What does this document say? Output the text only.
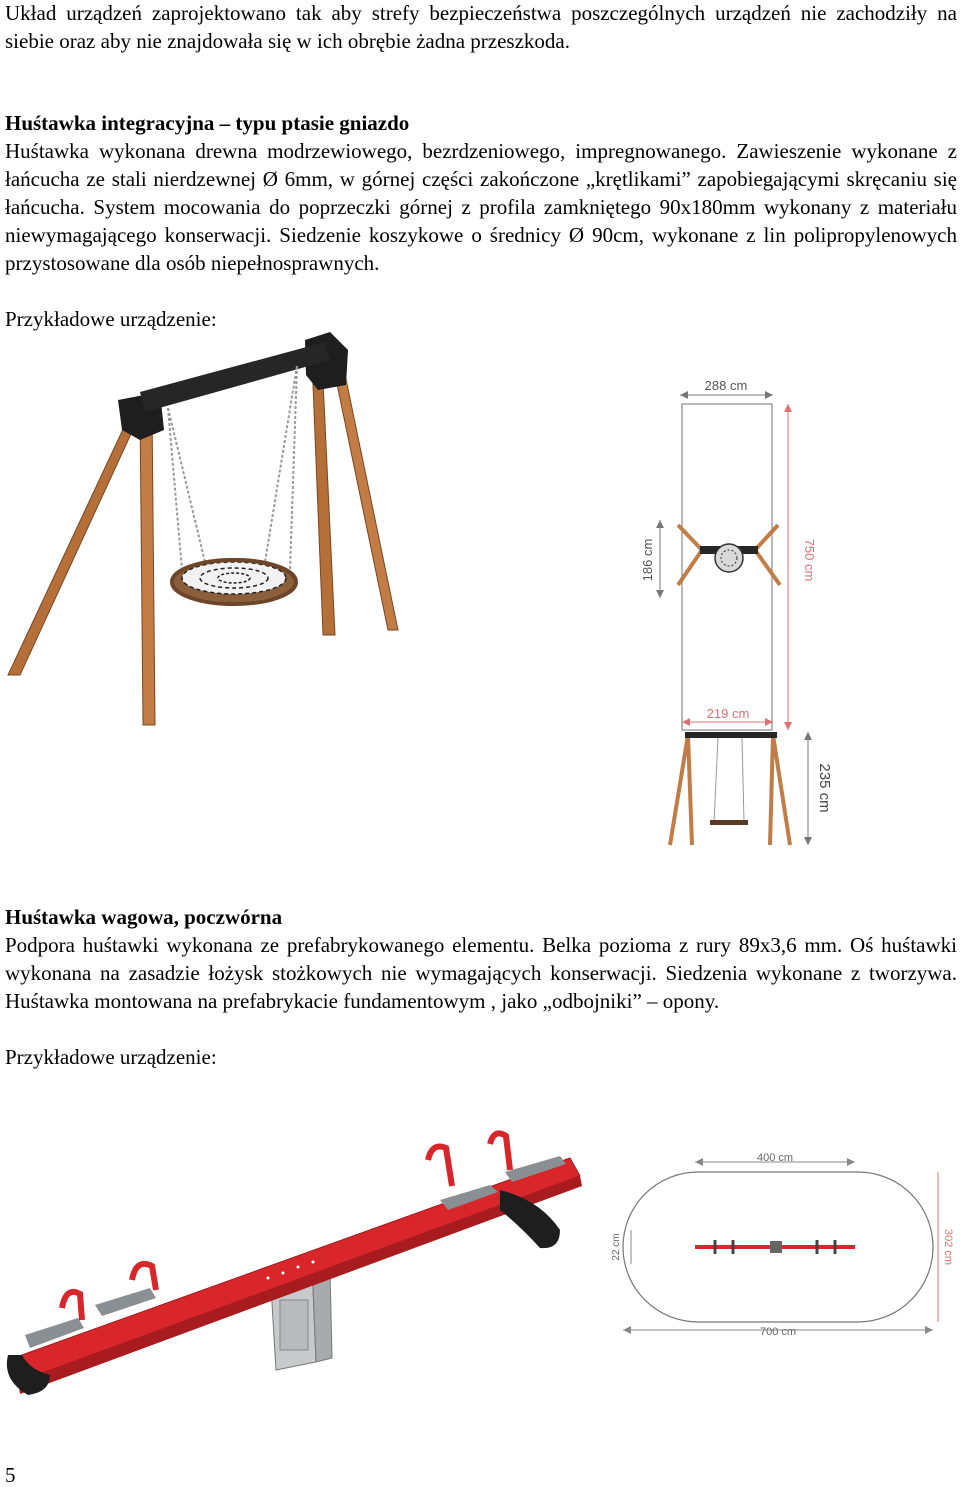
Układ urządzeń zaprojektowano tak aby strefy bezpieczeństwa poszczególnych urządzeń nie zachodziły na siebie oraz aby nie znajdowała się w ich obrębie żadna przeszkoda.

Huśtawka integracyjna – typu ptasie gniazdo

Huśtawka wykonana drewna modrzewiowego, bezrdzeniowego, impregnowanego. Zawieszenie wykonane z łańcucha ze stali nierdzewnej Ø 6mm, w górnej części zakończone „krętlikami” zapobiegającymi skręcaniu się łańcucha. System mocowania do poprzeczki górnej z profila zamkniętego 90x180mm wykonany z materiału niewymagającego konserwacji. Siedzenie koszykowe o średnicy Ø 90cm, wykonane z lin polipropylenowych przystosowane dla osób niepełnosprawnych.

Przykładowe urządzenie:

288 cm
750 cm
186 cm
219 cm
235 cm

Huśtawka wagowa, poczwórna

Podpora huśtawki wykonana ze prefabrykowanego elementu. Belka pozioma z rury 89x3,6 mm. Oś huśtawki wykonana na zasadzie łożysk stożkowych nie wymagających konserwacji. Siedzenia wykonane z tworzywa. Huśtawka montowana na prefabrykacie fundamentowym , jako „odbojniki” – opony.

Przykładowe urządzenie:

400 cm
22 cm	302 cm
700 cm
5
